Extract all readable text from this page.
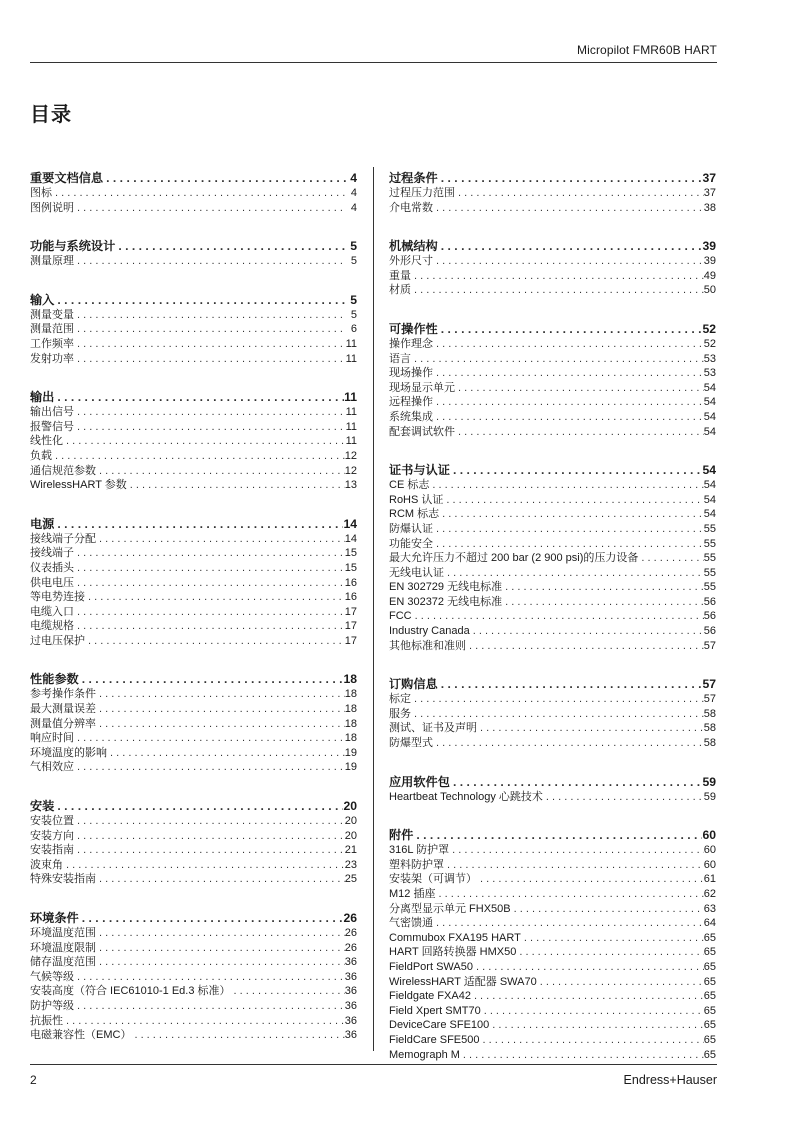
Micropilot FMR60B HART
目录
重要文档信息 . . .	4
图标 . . .	4
图例说明 . . .	4
功能与系统设计 . . .	5
测量原理 . . .	5
输入 . . .	5
测量变量 . . .	5
测量范围 . . .	6
工作频率 . . .	11
发射功率 . . .	11
输出 . . .	11
输出信号 . . .	11
报警信号 . . .	11
线性化 . . .	11
负载 . . .	12
通信规范参数 . . .	12
WirelessHART 参数 . . .	13
电源 . . .	14
接线端子分配 . . .	14
接线端子 . . .	15
仪表插头 . . .	15
供电电压 . . .	16
等电势连接 . . .	16
电缆入口 . . .	17
电缆规格 . . .	17
过电压保护 . . .	17
性能参数 . . .	18
参考操作条件 . . .	18
最大测量误差 . . .	18
测量值分辨率 . . .	18
响应时间 . . .	18
环境温度的影响 . . .	19
气相效应 . . .	19
安装 . . .	20
安装位置 . . .	20
安装方向 . . .	20
安装指南 . . .	21
波束角 . . .	23
特殊安装指南 . . .	25
环境条件 . . .	26
环境温度范围 . . .	26
环境温度限制 . . .	26
储存温度范围 . . .	36
气候等级 . . .	36
安装高度（符合 IEC61010-1 Ed.3 标准） . . .	36
防护等级 . . .	36
抗振性 . . .	36
电磁兼容性（EMC） . . .	36
过程条件 . . .	37
过程压力范围 . . .	37
介电常数 . . .	38
机械结构 . . .	39
外形尺寸 . . .	39
重量 . . .	49
材质 . . .	50
可操作性 . . .	52
操作理念 . . .	52
语言 . . .	53
现场操作 . . .	53
现场显示单元 . . .	54
远程操作 . . .	54
系统集成 . . .	54
配套调试软件 . . .	54
证书与认证 . . .	54
CE 标志 . . .	54
RoHS 认证 . . .	54
RCM 标志 . . .	54
防爆认证 . . .	55
功能安全 . . .	55
最大允许压力不超过 200 bar (2 900 psi)的压力设备 . . .	55
无线电认证 . . .	55
EN 302729 无线电标准 . . .	55
EN 302372 无线电标准 . . .	56
FCC . . .	56
Industry Canada . . .	56
其他标准和准则 . . .	57
订购信息 . . .	57
标定 . . .	57
服务 . . .	58
测试、证书及声明 . . .	58
防爆型式 . . .	58
应用软件包 . . .	59
Heartbeat Technology 心跳技术 . . .	59
附件 . . .	60
316L 防护罩 . . .	60
塑料防护罩 . . .	60
安装架（可调节） . . .	61
M12 插座 . . .	62
分离型显示单元 FHX50B . . .	63
气密馈通 . . .	64
Commubox FXA195 HART . . .	65
HART 回路转换器 HMX50 . . .	65
FieldPort SWA50 . . .	65
WirelessHART 适配器 SWA70 . . .	65
Fieldgate FXA42 . . .	65
Field Xpert SMT70 . . .	65
DeviceCare SFE100 . . .	65
FieldCare SFE500 . . .	65
Memograph M . . .	65
2	Endress+Hauser
